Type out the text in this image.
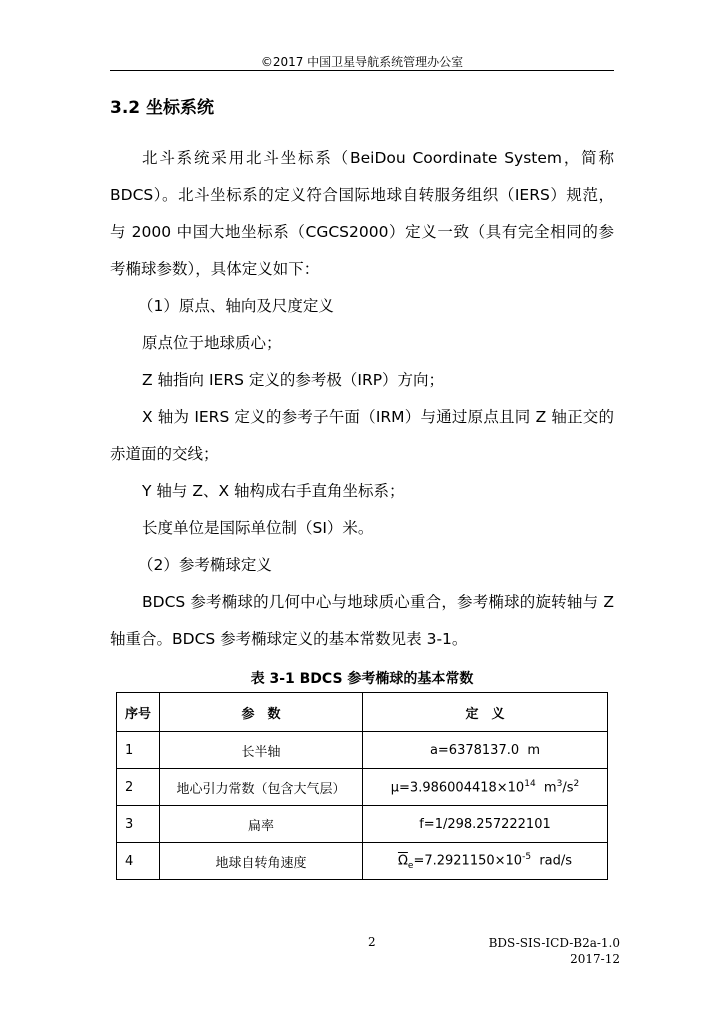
©2017 中国卫星导航系统管理办公室
3.2 坐标系统

北斗系统采用北斗坐标系（BeiDou Coordinate System，简称BDCS）。北斗坐标系的定义符合国际地球自转服务组织（IERS）规范，与 2000 中国大地坐标系（CGCS2000）定义一致（具有完全相同的参考椭球参数），具体定义如下：

（1）原点、轴向及尺度定义

原点位于地球质心；

Z 轴指向 IERS 定义的参考极（IRP）方向；

X 轴为 IERS 定义的参考子午面（IRM）与通过原点且同 Z 轴正交的赤道面的交线；

Y 轴与 Z、X 轴构成右手直角坐标系；

长度单位是国际单位制（SI）米。

（2）参考椭球定义

BDCS 参考椭球的几何中心与地球质心重合，参考椭球的旋转轴与 Z 轴重合。BDCS 参考椭球定义的基本常数见表 3-1。

表 3-1 BDCS 参考椭球的基本常数
序号	参　数	定　义
1	长半轴	a=6378137.0  m
2	地心引力常数（包含大气层）	$\mu=3.986004418\times 10^{14}$  $m^3/s^2$
3	扁率	f=1/298.257222101
4	地球自转角速度	$\overline{\Omega}_e=7.2921150\times 10^{-5}$  rad/s
2	BDS-SIS-ICD-B2a-1.0
2017-12
